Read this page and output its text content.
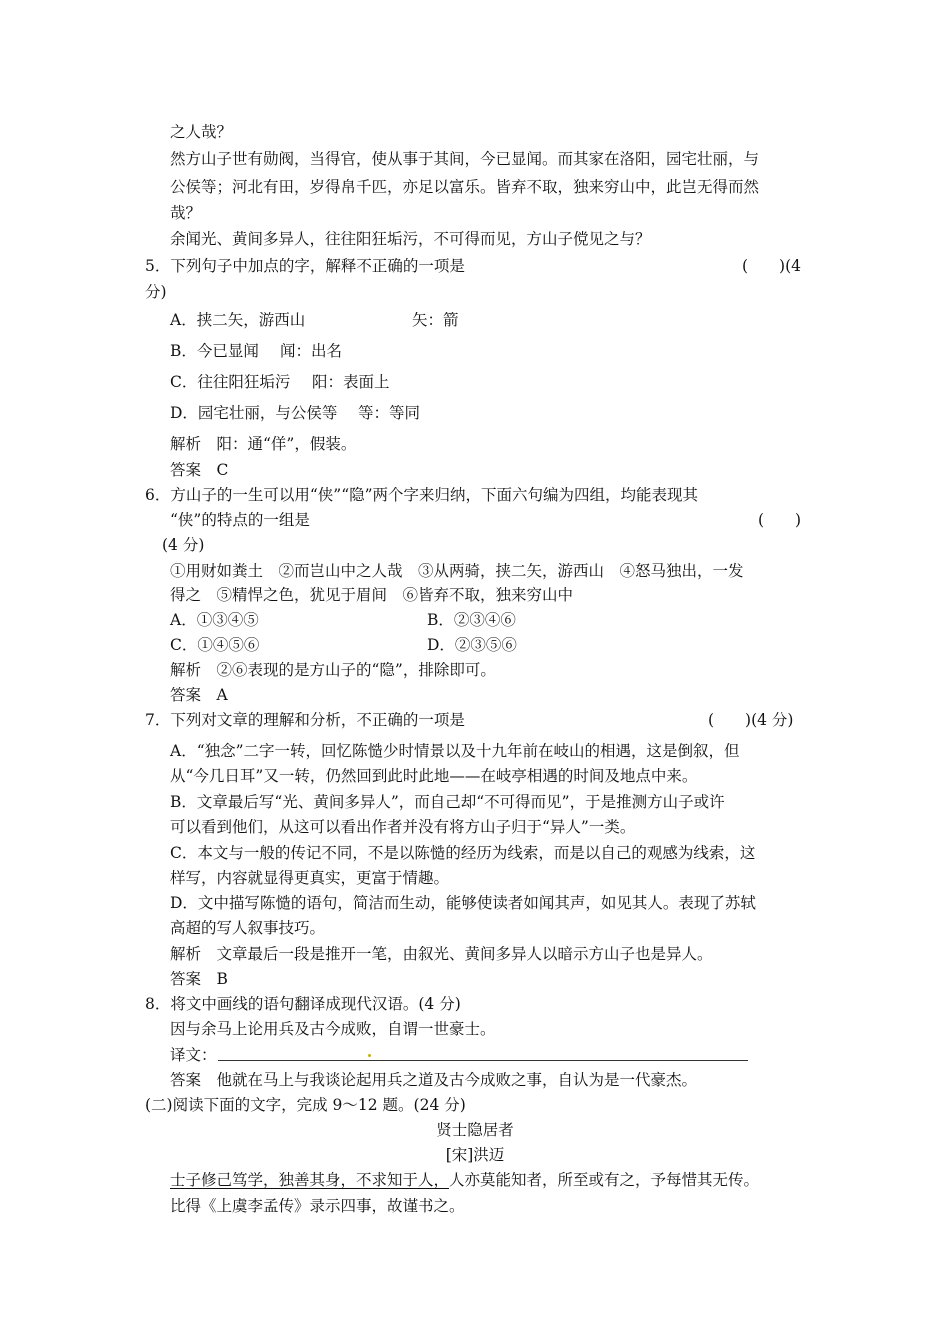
之人哉？
然方山子世有勋阀，当得官，使从事于其间，今已显闻。而其家在洛阳，园宅壮丽，与
公侯等；河北有田，岁得帛千匹，亦足以富乐。皆弃不取，独来穷山中，此岂无得而然
哉？
余闻光、黄间多异人，往往阳狂垢污，不可得而见，方山子傥见之与？
5．下列句子中加点的字，解释不正确的一项是	(　　)(4
分)
A．挟二矢，游西山	矢：箭
B．今已显闻 闻：出名
C．往往阳狂垢污 阳：表面上
D．园宅壮丽，与公侯等 等：等同
解析　阳：通“佯”，假装。
答案　C
6．方山子的一生可以用“侠”“隐”两个字来归纳，下面六句编为四组，均能表现其
“侠”的特点的一组是	(　　)
(4 分)
①用财如粪土　②而岂山中之人哉　③从两骑，挟二矢，游西山　④怒马独出，一发
得之　⑤精悍之色，犹见于眉间　⑥皆弃不取，独来穷山中
A．①③④⑤	B．②③④⑥
C．①④⑤⑥	D．②③⑤⑥
解析　②⑥表现的是方山子的“隐”，排除即可。
答案　A
7．下列对文章的理解和分析，不正确的一项是	(　　)(4 分)
A．“独念”二字一转，回忆陈慥少时情景以及十九年前在岐山的相遇，这是倒叙，但
从“今几日耳”又一转，仍然回到此时此地——在岐亭相遇的时间及地点中来。
B．文章最后写“光、黄间多异人”，而自己却“不可得而见”，于是推测方山子或许
可以看到他们，从这可以看出作者并没有将方山子归于“异人”一类。
C．本文与一般的传记不同，不是以陈慥的经历为线索，而是以自己的观感为线索，这
样写，内容就显得更真实，更富于情趣。
D．文中描写陈慥的语句，简洁而生动，能够使读者如闻其声，如见其人。表现了苏轼
高超的写人叙事技巧。
解析　文章最后一段是推开一笔，由叙光、黄间多异人以暗示方山子也是异人。
答案　B
8．将文中画线的语句翻译成现代汉语。(4 分)
因与余马上论用兵及古今成败，自谓一世豪士。
译文：
答案　他就在马上与我谈论起用兵之道及古今成败之事，自认为是一代豪杰。
(二)阅读下面的文字，完成 9～12 题。(24 分)
贤士隐居者
[宋]洪迈
士子修己笃学，独善其身，不求知于人，人亦莫能知者，所至或有之，予每惜其无传。
比得《上虞李孟传》录示四事，故谨书之。
